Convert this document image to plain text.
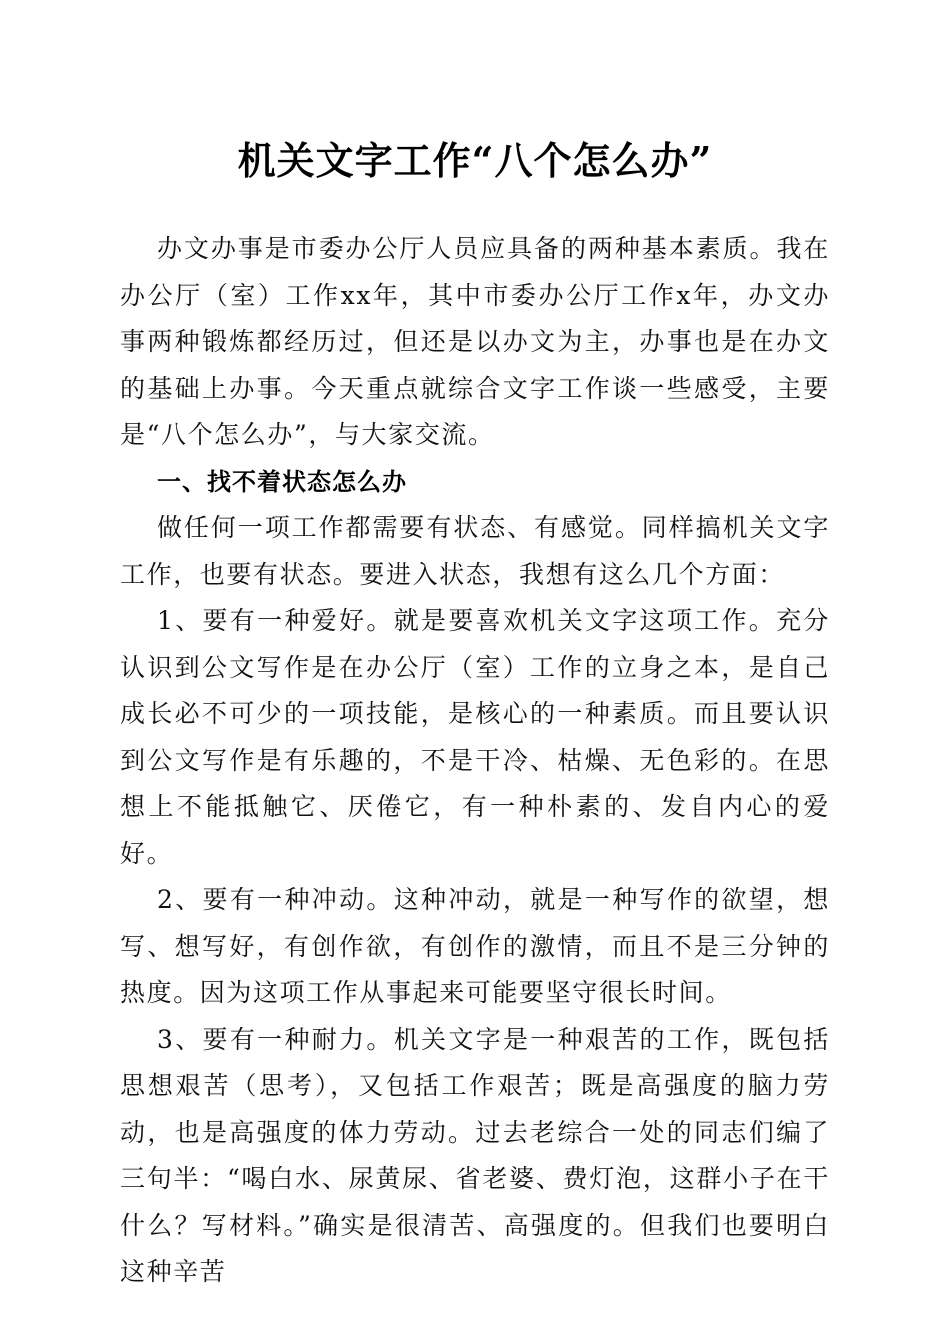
机关文字工作“八个怎么办”

办文办事是市委办公厅人员应具备的两种基本素质。我在办公厅（室）工作xx年，其中市委办公厅工作x年，办文办事两种锻炼都经历过，但还是以办文为主，办事也是在办文的基础上办事。今天重点就综合文字工作谈一些感受，主要是“八个怎么办”，与大家交流。

一、找不着状态怎么办

做任何一项工作都需要有状态、有感觉。同样搞机关文字工作，也要有状态。要进入状态，我想有这么几个方面：

1、要有一种爱好。就是要喜欢机关文字这项工作。充分认识到公文写作是在办公厅（室）工作的立身之本，是自己成长必不可少的一项技能，是核心的一种素质。而且要认识到公文写作是有乐趣的，不是干冷、枯燥、无色彩的。在思想上不能抵触它、厌倦它，有一种朴素的、发自内心的爱好。

2、要有一种冲动。这种冲动，就是一种写作的欲望，想写、想写好，有创作欲，有创作的激情，而且不是三分钟的热度。因为这项工作从事起来可能要坚守很长时间。

3、要有一种耐力。机关文字是一种艰苦的工作，既包括思想艰苦（思考），又包括工作艰苦；既是高强度的脑力劳动，也是高强度的体力劳动。过去老综合一处的同志们编了三句半：“喝白水、尿黄尿、省老婆、费灯泡，这群小子在干什么？写材料。”确实是很清苦、高强度的。但我们也要明白这种辛苦
